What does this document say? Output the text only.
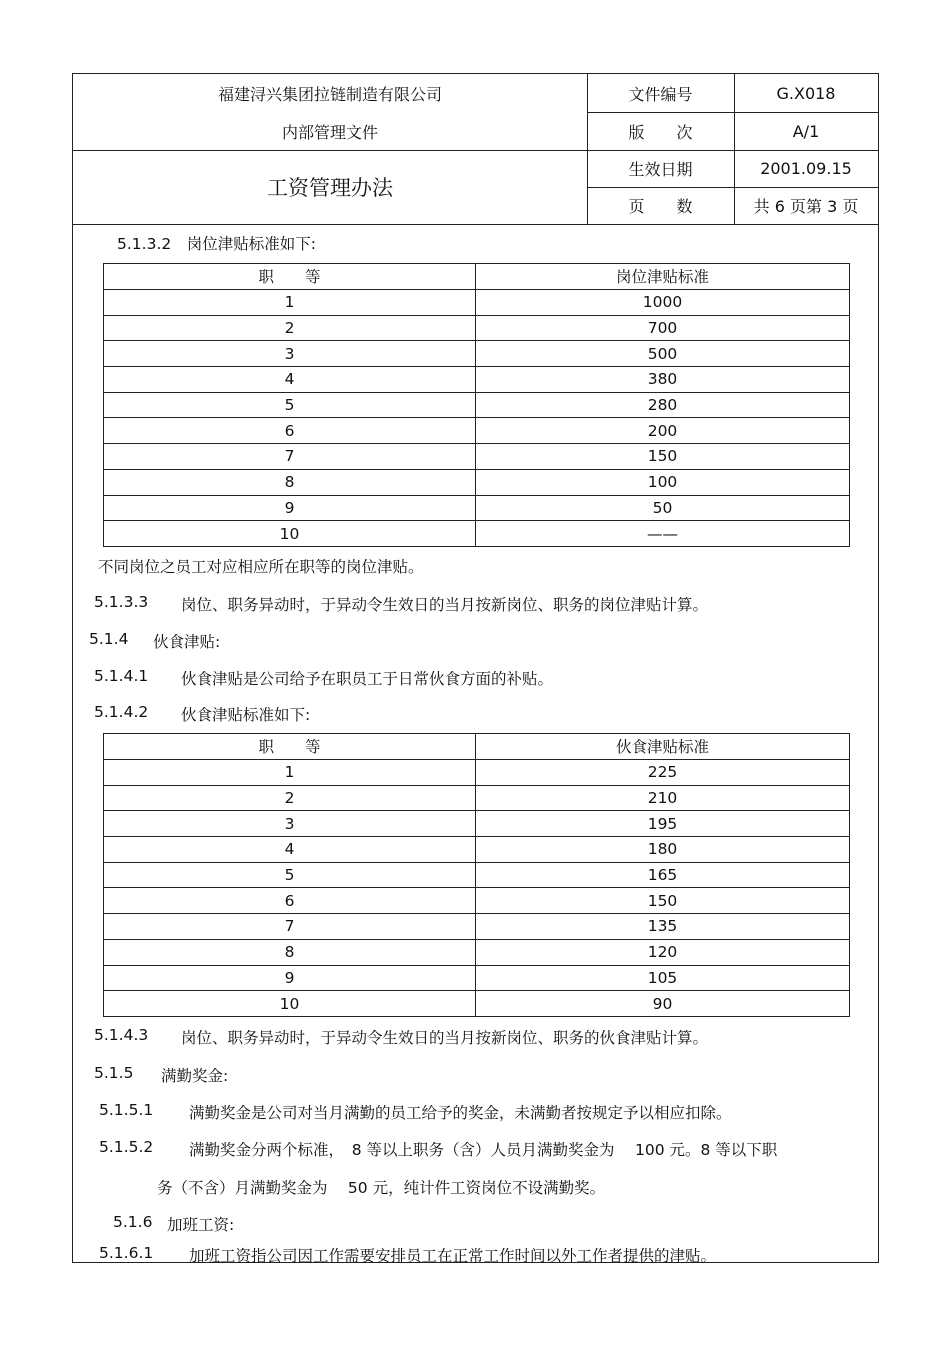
福建浔兴集团拉链制造有限公司
内部管理文件
工资管理办法
文件编号	G.X018
版　　次	A/1
生效日期	2001.09.15
页　　数	共 6 页第 3 页
5.1.3.2　岗位津贴标准如下:
职　　等	岗位津贴标准
1	1000
2	700
3	500
4	380
5	280
6	200
7	150
8	100
9	50
10	——
不同岗位之员工对应相应所在职等的岗位津贴。
5.1.3.3 岗位、职务异动时，于异动令生效日的当月按新岗位、职务的岗位津贴计算。
5.1.4 伙食津贴:
5.1.4.1 伙食津贴是公司给予在职员工于日常伙食方面的补贴。
5.1.4.2 伙食津贴标准如下:
职　　等	伙食津贴标准
1	225
2	210
3	195
4	180
5	165
6	150
7	135
8	120
9	105
10	90
5.1.4.3 岗位、职务异动时，于异动令生效日的当月按新岗位、职务的伙食津贴计算。
5.1.5 满勤奖金:
5.1.5.1 满勤奖金是公司对当月满勤的员工给予的奖金，未满勤者按规定予以相应扣除。
5.1.5.2 满勤奖金分两个标准，　8 等以上职务（含）人员月满勤奖金为　 100 元。8 等以下职
务（不含）月满勤奖金为　 50 元，纯计件工资岗位不设满勤奖。
5.1.6 加班工资:
5.1.6.1 加班工资指公司因工作需要安排员工在正常工作时间以外工作者提供的津贴。
